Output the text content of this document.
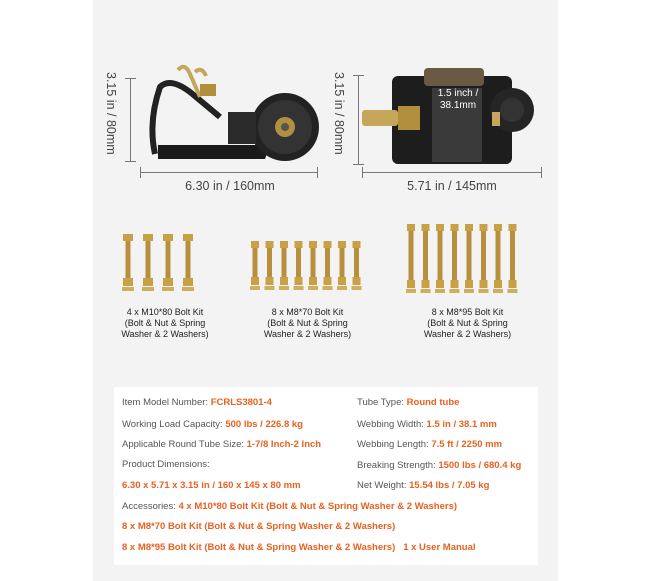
3.15 in / 80mm
6.30 in / 160mm
3.15 in / 80mm	1.5 inch /
38.1mm
5.71 in / 145mm
4 x M10*80 Bolt Kit
(Bolt & Nut & Spring
Washer & 2 Washers)
8 x M8*70 Bolt Kit
(Bolt & Nut & Spring
Washer & 2 Washers)
8 x M8*95 Bolt Kit
(Bolt & Nut & Spring
Washer & 2 Washers)
Item Model Number: FCRLS3801-4	Tube Type: Round tube
Working Load Capacity: 500 lbs / 226.8 kg	Webbing Width: 1.5 in / 38.1 mm
Applicable Round Tube Size: 1-7/8 Inch-2 Inch	Webbing Length: 7.5 ft / 2250 mm
Product Dimensions:	Breaking Strength: 1500 lbs / 680.4 kg
6.30 x 5.71 x 3.15 in / 160 x 145 x 80 mm	Net Weight: 15.54 lbs / 7.05 kg
Accessories: 4 x M10*80 Bolt Kit (Bolt & Nut & Spring Washer & 2 Washers)
8 x M8*70 Bolt Kit (Bolt & Nut & Spring Washer & 2 Washers)
8 x M8*95 Bolt Kit (Bolt & Nut & Spring Washer & 2 Washers) 1 x User Manual
